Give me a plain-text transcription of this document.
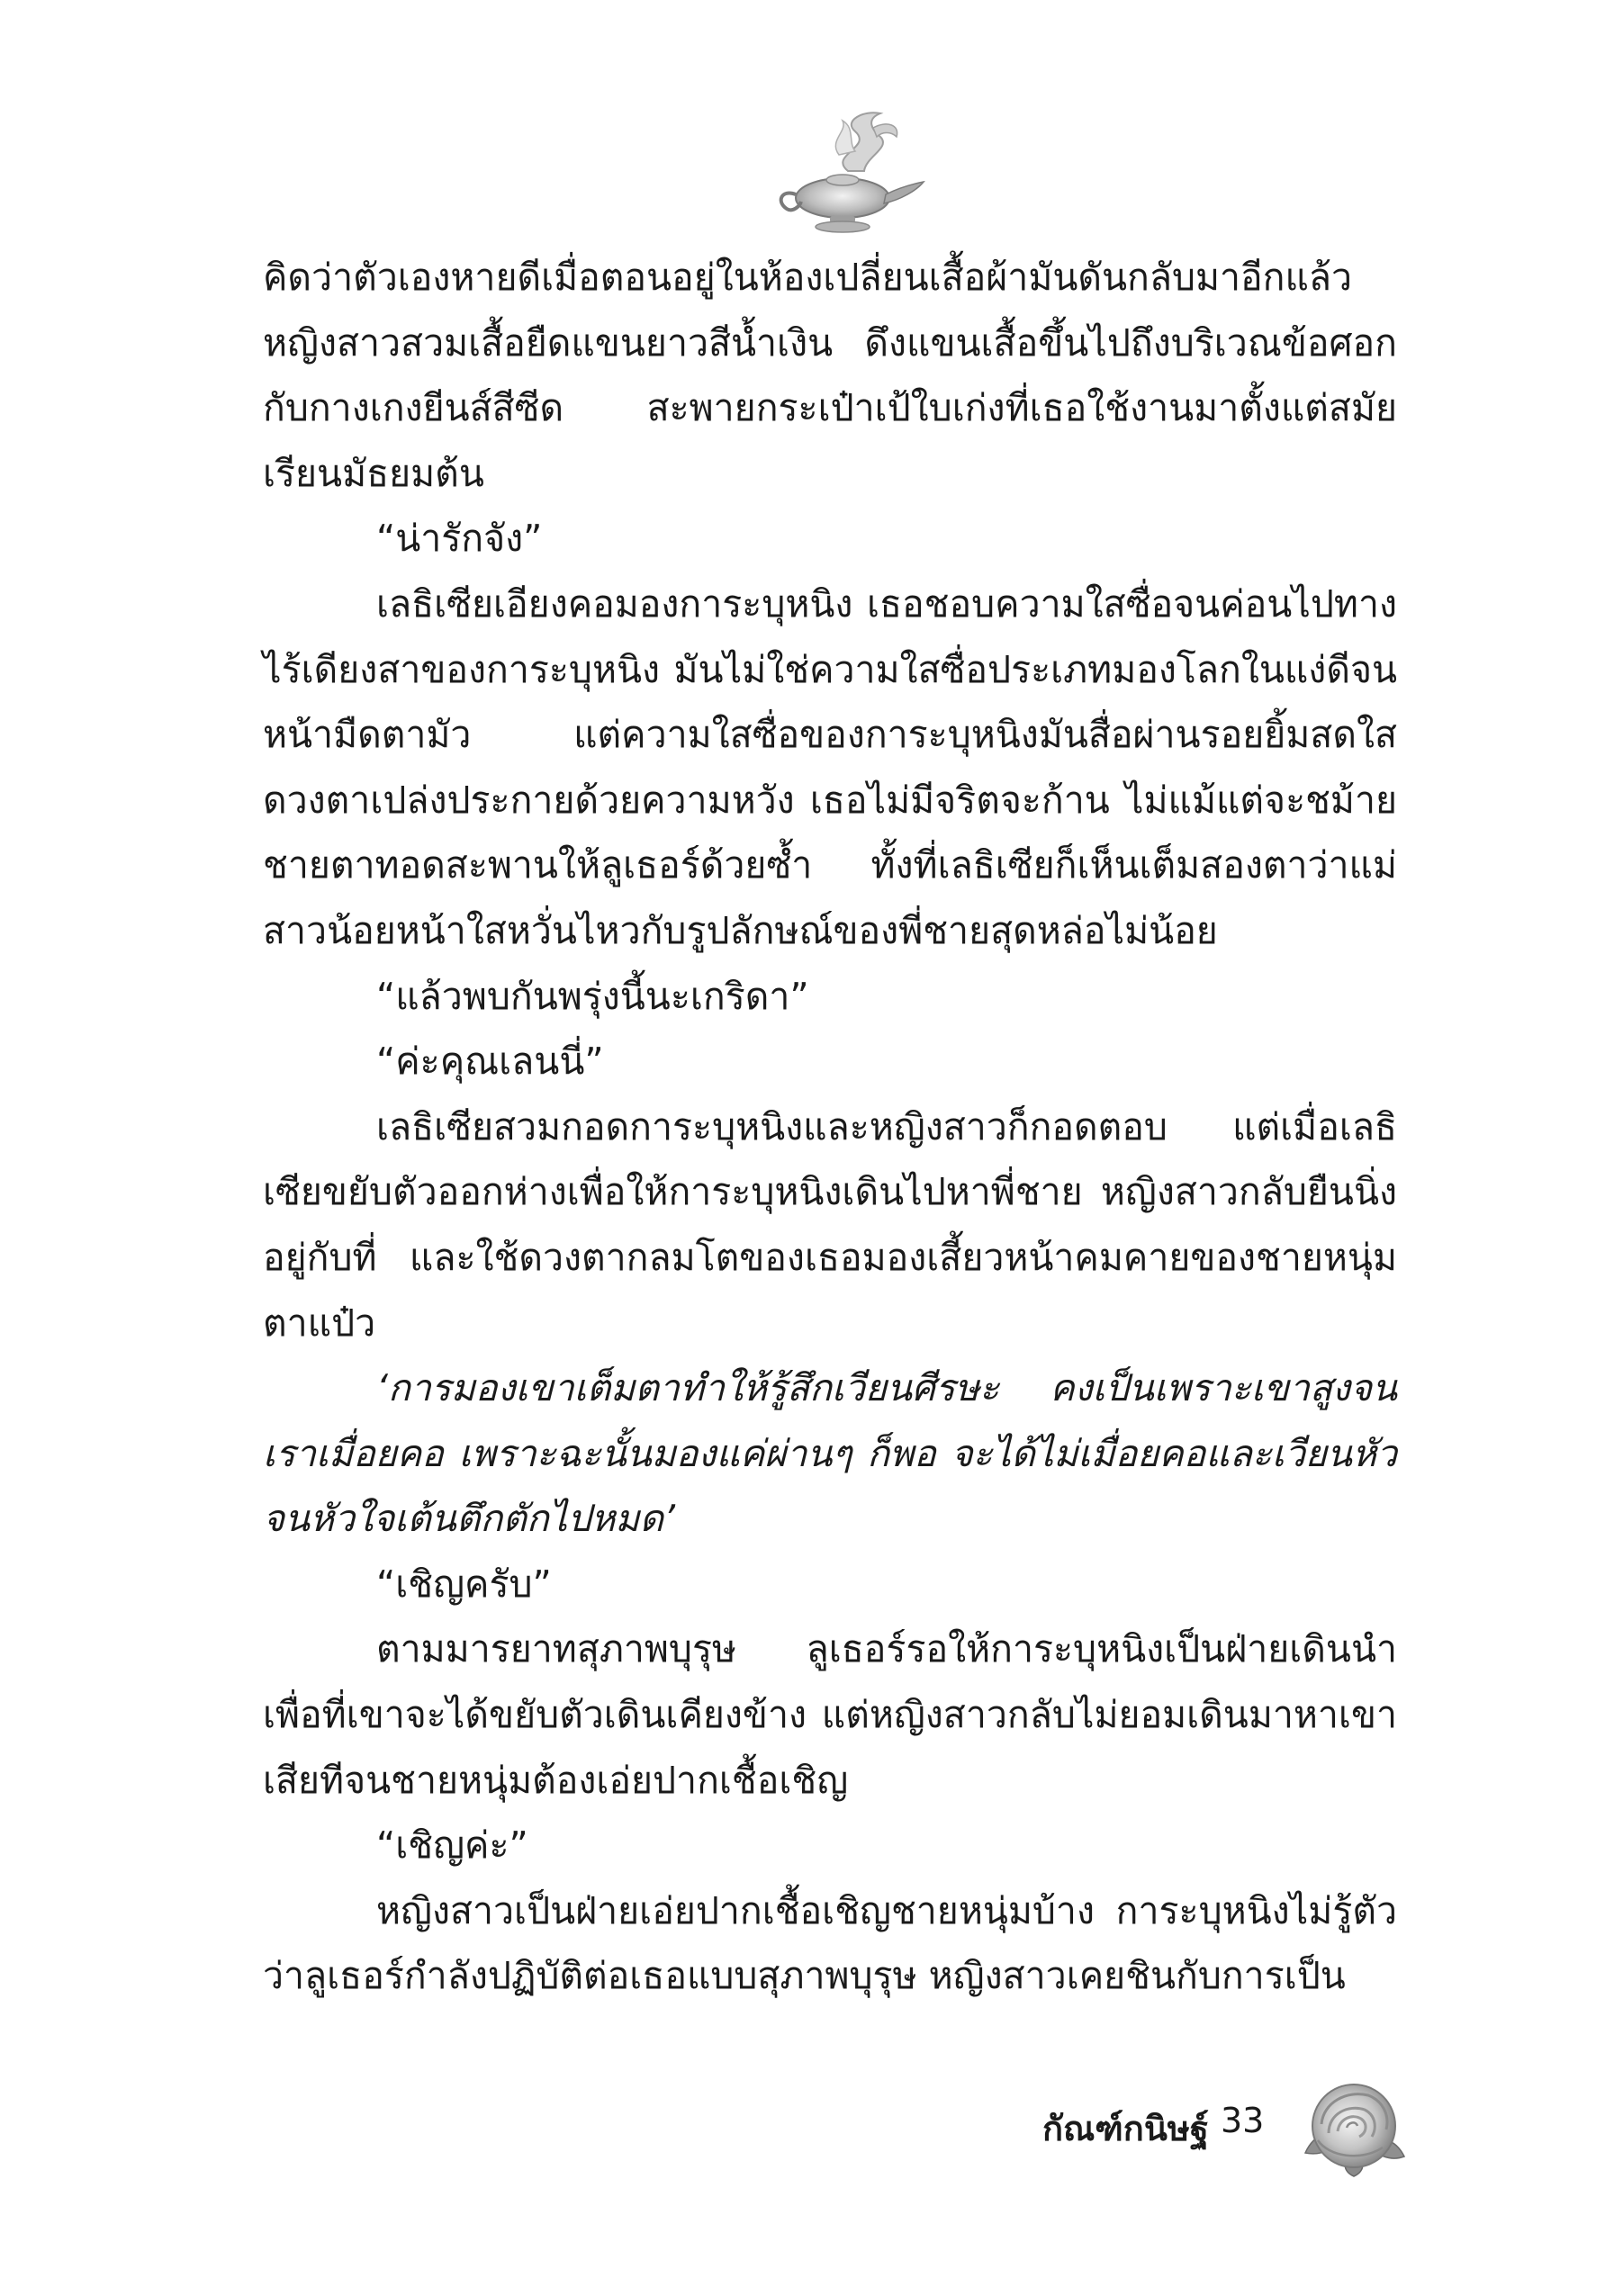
คิดว่าตัวเองหายดีเมื่อตอนอยู่ในห้องเปลี่ยนเสื้อผ้ามันดันกลับมาอีกแล้ว หญิงสาวสวมเสื้อยืดแขนยาวสีน้ำเงิน ดึงแขนเสื้อขึ้นไปถึงบริเวณข้อศอก กับกางเกงยีนส์สีซีด สะพายกระเป๋าเป้ใบเก่งที่เธอใช้งานมาตั้งแต่สมัยเรียนมัธยมต้น

“น่ารักจัง”

เลธิเซียเอียงคอมองการะบุหนิง เธอชอบความใสซื่อจนค่อนไปทางไร้เดียงสาของการะบุหนิง มันไม่ใช่ความใสซื่อประเภทมองโลกในแง่ดีจนหน้ามืดตามัว แต่ความใสซื่อของการะบุหนิงมันสื่อผ่านรอยยิ้มสดใส ดวงตาเปล่งประกายด้วยความหวัง เธอไม่มีจริตจะก้าน ไม่แม้แต่จะชม้ายชายตาทอดสะพานให้ลูเธอร์ด้วยซ้ำ ทั้งที่เลธิเซียก็เห็นเต็มสองตาว่าแม่สาวน้อยหน้าใสหวั่นไหวกับรูปลักษณ์ของพี่ชายสุดหล่อไม่น้อย

“แล้วพบกันพรุ่งนี้นะเกริดา”

“ค่ะคุณเลนนี่”

เลธิเซียสวมกอดการะบุหนิงและหญิงสาวก็กอดตอบ แต่เมื่อเลธิเซียขยับตัวออกห่างเพื่อให้การะบุหนิงเดินไปหาพี่ชาย หญิงสาวกลับยืนนิ่งอยู่กับที่ และใช้ดวงตากลมโตของเธอมองเสี้ยวหน้าคมคายของชายหนุ่มตาแป๋ว

‘การมองเขาเต็มตาทำให้รู้สึกเวียนศีรษะ คงเป็นเพราะเขาสูงจนเราเมื่อยคอ เพราะฉะนั้นมองแค่ผ่านๆ ก็พอ จะได้ไม่เมื่อยคอและเวียนหัวจนหัวใจเต้นตึกตักไปหมด’

“เชิญครับ”

ตามมารยาทสุภาพบุรุษ ลูเธอร์รอให้การะบุหนิงเป็นฝ่ายเดินนำเพื่อที่เขาจะได้ขยับตัวเดินเคียงข้าง แต่หญิงสาวกลับไม่ยอมเดินมาหาเขาเสียทีจนชายหนุ่มต้องเอ่ยปากเชื้อเชิญ

“เชิญค่ะ”

หญิงสาวเป็นฝ่ายเอ่ยปากเชื้อเชิญชายหนุ่มบ้าง การะบุหนิงไม่รู้ตัวว่าลูเธอร์กำลังปฏิบัติต่อเธอแบบสุภาพบุรุษ หญิงสาวเคยชินกับการเป็น

กัณฑ์กนิษฐ์ 33
